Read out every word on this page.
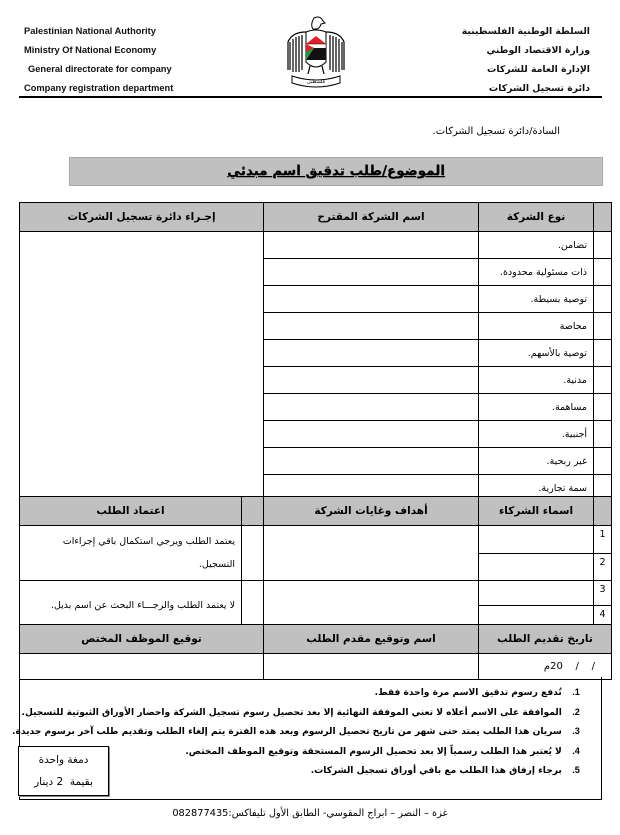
Palestinian National Authority
Ministry Of National Economy
General directorate for company
Company registration department
فلسطين
السلطة الوطنية الفلسطينية
وزارة الاقتصاد الوطني
الإدارة العامة للشركات
دائرة تسجيل الشركات
السادة/دائرة تسجيل الشركات.
الموضوع/طلب تدقيق اسم مبدئي
	نوع الشركة	اسم الشركة المقترح	إجـراء دائرة تسجيل الشركات
	تضامن.		
	ذات مسئولية محدودة.		
	توصية بسيطة.		
	محاصة		
	توصية بالأسهم.		
	مدنية.		
	مساهمة.		
	أجنبية.		
	غير ربحية.		
	سمة تجارية.		
	اسماء الشركاء	أهداف وغايات الشركة		اعتماد الطلب
1				يعتمد الطلب ويرجي استكمال باقي إجراءات التسجيل.
2				
3				لا يعتمد الطلب والرجـــاء البحث عن اسم بديل.
4				
تاريخ تقديم الطلب	اسم وتوقيع مقدم الطلب	توقيع الموظف المختص
/    /    20م		
1. تُدفع رسوم تدقيق الاسم مرة واحدة فقط.
2. الموافقة على الاسم أعلاه لا تعني الموفقة النهائية إلا بعد تحصيل رسوم تسجيل الشركة واحضار الأوراق الثبوتية للتسجيل.
3. سريان هذا الطلب يمتد حتى شهر من تاريخ تحصيل الرسوم وبعد هذه الفترة يتم إلغاء الطلب وتقديم طلب آخر برسوم جديدة.
4. لا يُعتبر هذا الطلب رسمياً إلا بعد تحصيل الرسوم المستحقة وتوقيع الموظف المختص.
5. برجاء إرفاق هذا الطلب مع باقي أوراق تسجيل الشركات.
دمغة واحدة
بقيمة  2 دينار
غزة – النصر – ابراج المقوسي- الطابق الأول تليفاكس:082877435
